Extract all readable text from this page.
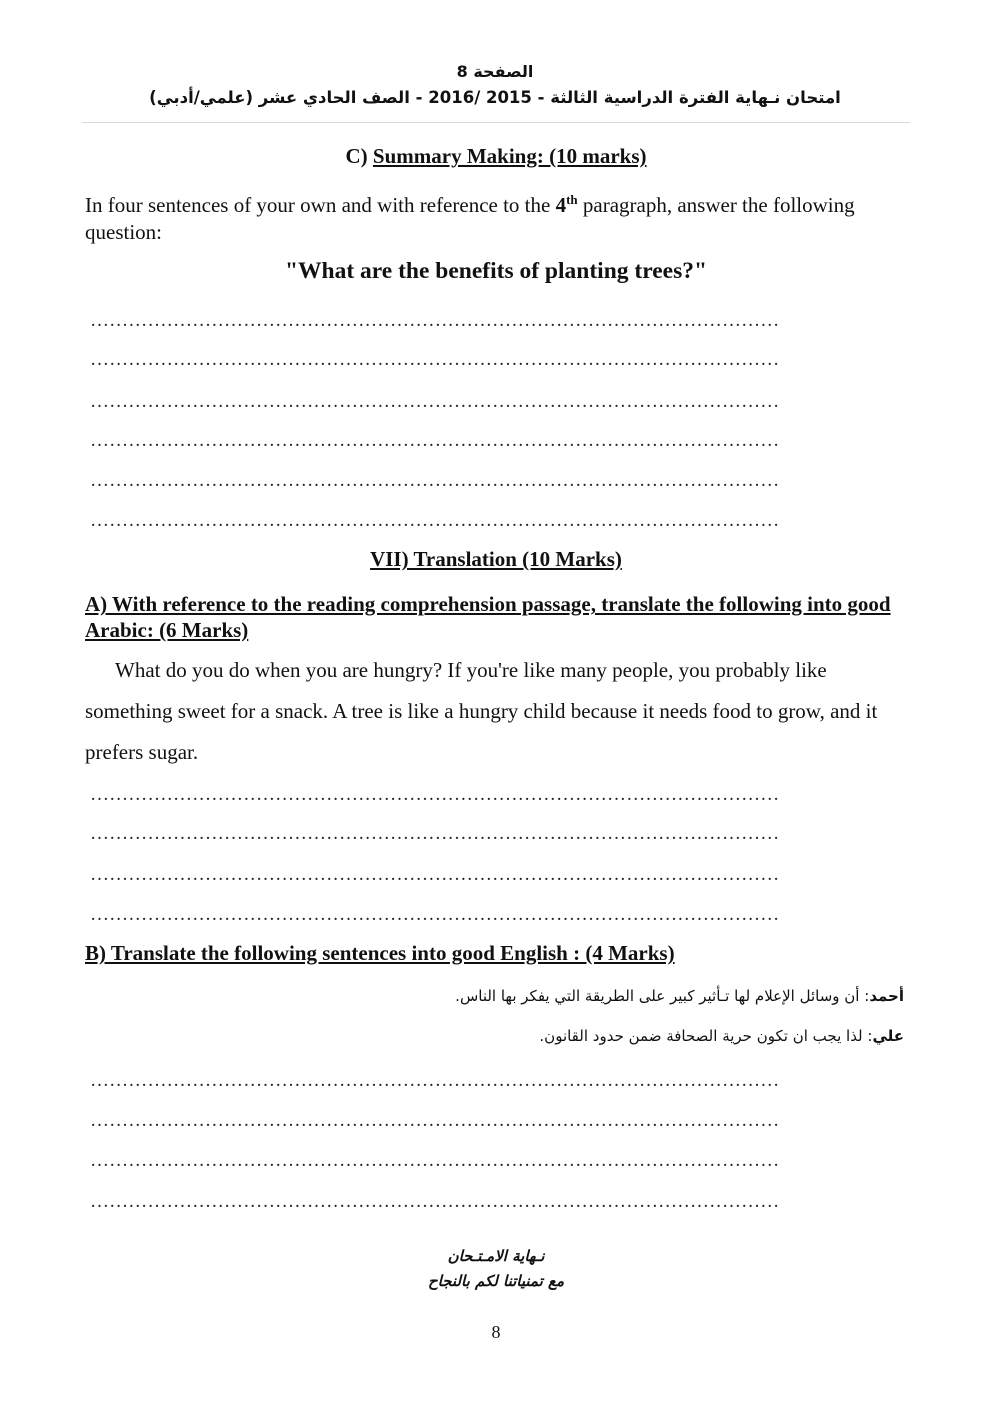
الصفحة 8
امتحان نـهاية الفترة الدراسية الثالثة - 2015 /2016 - الصف الحادي عشر (علمي/أدبي)
C) Summary Making: (10 marks)
In four sentences of your own and with reference to the 4th paragraph, answer the following question:
"What are the benefits of planting trees?"
………………………………………………………………………………………………
………………………………………………………………………………………………
………………………………………………………………………………………………
………………………………………………………………………………………………
………………………………………………………………………………………………
………………………………………………………………………………………………
VII) Translation (10 Marks)
A) With reference to the reading comprehension passage, translate the following into good Arabic: (6 Marks)
What do you do when you are hungry? If you're like many people, you probably like something sweet for a snack. A tree is like a hungry child because it needs food to grow, and it prefers sugar.
………………………………………………………………………………………………
………………………………………………………………………………………………
………………………………………………………………………………………………
………………………………………………………………………………………………
B) Translate the following sentences into good English : (4 Marks)
أحمد: أن وسائل الإعلام لها تـأثير كبير على الطريقة التي يفكر بها الناس.
علي: لذا يجب ان تكون حرية الصحافة ضمن حدود القانون.
………………………………………………………………………………………………
………………………………………………………………………………………………
………………………………………………………………………………………………
………………………………………………………………………………………………
نـهاية الامـتـحان
مع تمنياتنا لكم بالنجاح
8
